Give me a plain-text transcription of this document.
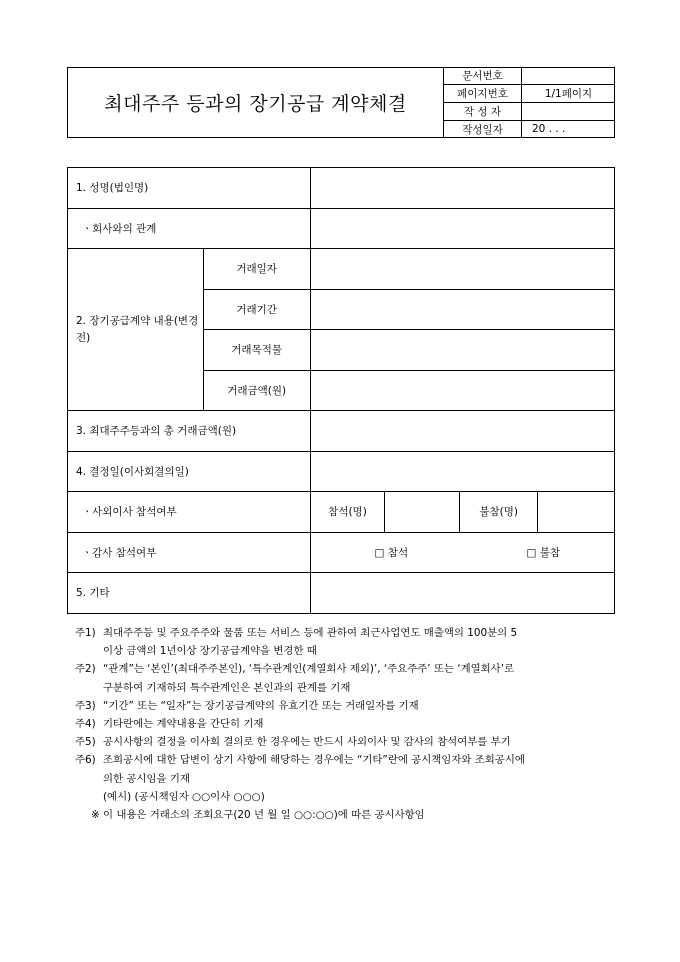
최대주주 등과의 장기공급 계약체결
문서번호	
페이지번호	1/1페이지
작 성 자	
작성일자	20 . . .
1. 성명(법인명)					
ㆍ회사와의 관계					
2. 장기공급계약 내용(변경전)	거래일자				
	거래기간				
	거래목적물				
	거래금액(원)				
3. 최대주주등과의 총 거래금액(원)					
4. 결정일(이사회결의일)					
ㆍ사외이사 참석여부		참석(명)		불참(명)	
ㆍ감사 참석여부		□ 참석 □ 불참			

5. 기타					
주1) 최대주주등 및 주요주주와 물품 또는 서비스 등에 관하여 최근사업연도 매출액의 100분의 5
이상 금액의 1년이상 장기공급계약을 변경한 때
주2) “관계”는 ‘본인’(최대주주본인), ‘특수관계인(계열회사 제외)’, ‘주요주주’ 또는 ‘계열회사’로
구분하여 기재하되 특수관계인은 본인과의 관계를 기재
주3) “기간” 또는 “일자”는 장기공급계약의 유효기간 또는 거래일자를 기재
주4) 기타란에는 계약내용을 간단히 기재
주5) 공시사항의 결정을 이사회 결의로 한 경우에는 반드시 사외이사 및 감사의 참석여부를 부기
주6) 조회공시에 대한 답변이 상기 사항에 해당하는 경우에는 “기타”란에 공시책임자와 조회공시에
의한 공시임을 기재
(예시) (공시책임자 ○○이사 ○○○)
※ 이 내용은 거래소의 조회요구(20 년 월 일 ○○:○○)에 따른 공시사항임
